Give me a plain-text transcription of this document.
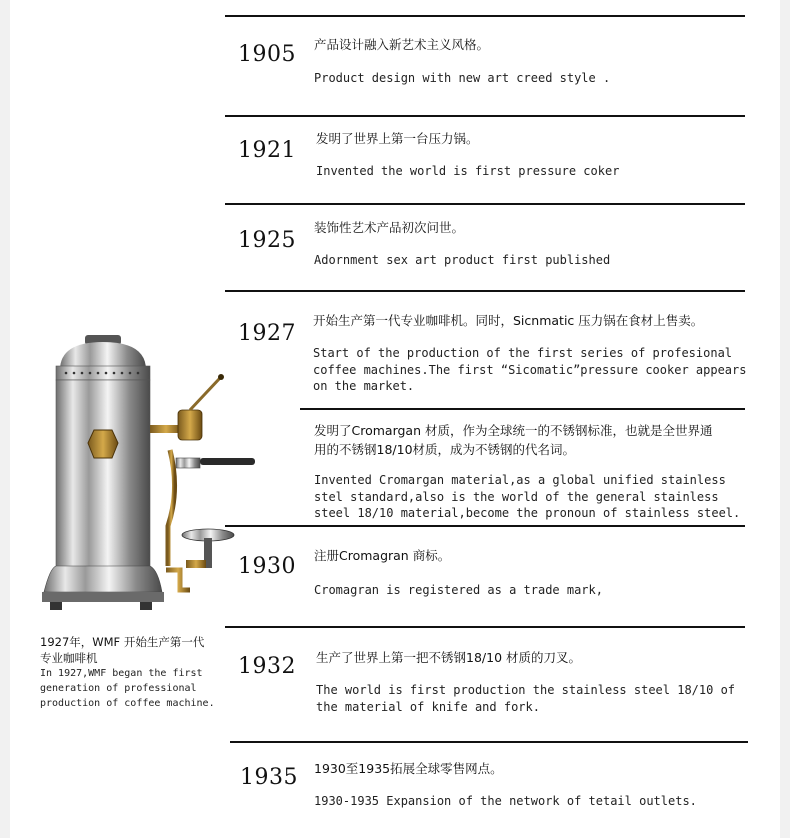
1905 产品设计融入新艺术主义风格。
Product design with new art creed style .
1921 发明了世界上第一台压力锅。
Invented the world is first pressure coker
1925
装饰性艺术产品初次问世。
Adornment sex art product first published
1927
开始生产第一代专业咖啡机。同时，Sicnmatic 压力锅在食材上售卖。
Start of the production of the first series of profesional
coffee machines.The first “Sicomatic”pressure cooker appears
on the market.
发明了Cromargan 材质，作为全球统一的不锈钢标准，也就是全世界通
用的不锈钢18/10材质，成为不锈钢的代名词。
Invented Cromargan material,as a global unified stainless
stel standard,also is the world of the general stainless
steel 18/10 material,become the pronoun of stainless steel.
1930 注册Cromagran 商标。
Cromagran is registered as a trade mark,
1932 生产了世界上第一把不锈钢18/10 材质的刀叉。
The world is first production the stainless steel 18/10 of
the material of knife and fork.
1935 1930至1935拓展全球零售网点。
1930-1935 Expansion of the network of tetail outlets.
1927年，WMF 开始生产第一代
专业咖啡机
In 1927,WMF began the first
generation of professional
production of coffee machine.
